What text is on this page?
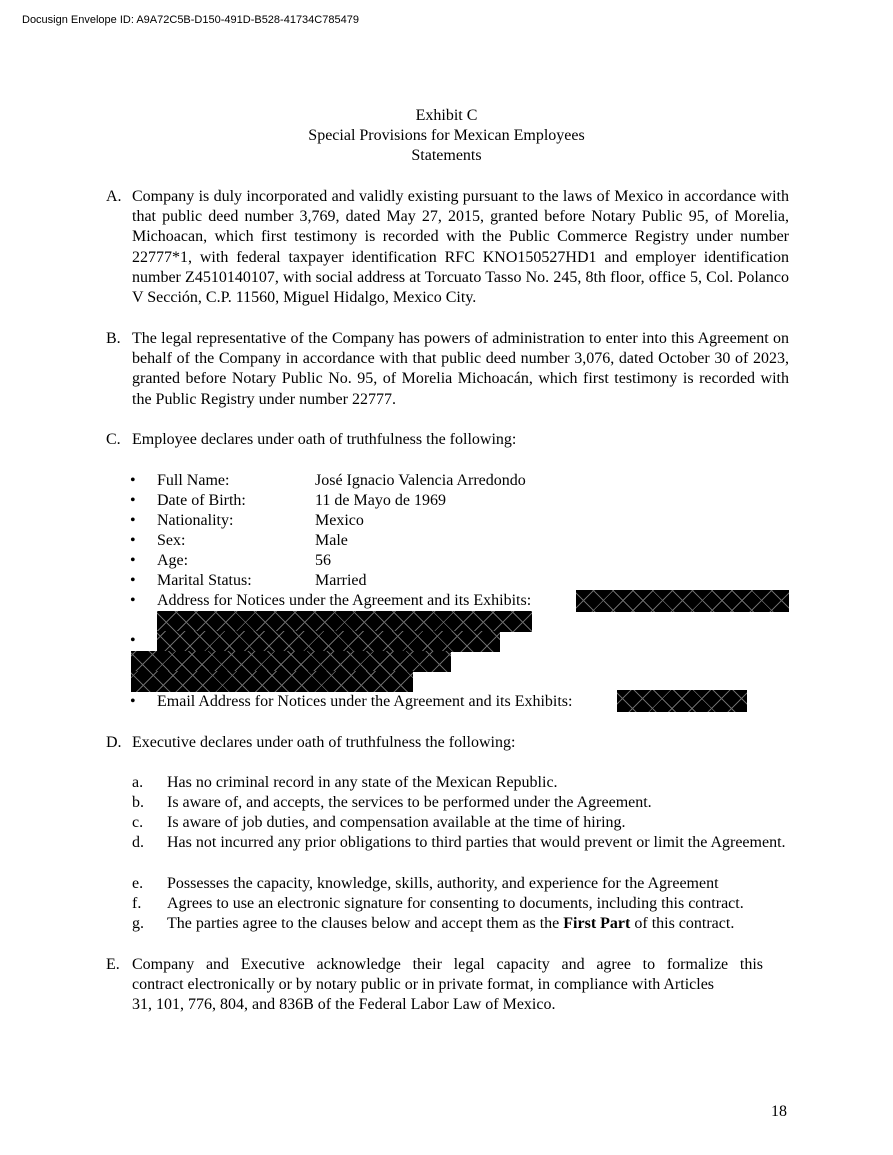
Docusign Envelope ID: A9A72C5B-D150-491D-B528-41734C785479
Exhibit C
Special Provisions for Mexican Employees
Statements
A. Company is duly incorporated and validly existing pursuant to the laws of Mexico in accordance with that public deed number 3,769, dated May 27, 2015, granted before Notary Public 95, of Morelia, Michoacan, which first testimony is recorded with the Public Commerce Registry under number 22777*1, with federal taxpayer identification RFC KNO150527HD1 and employer identification number Z4510140107, with social address at Torcuato Tasso No. 245, 8th floor, office 5, Col. Polanco V Sección, C.P. 11560, Miguel Hidalgo, Mexico City.
B. The legal representative of the Company has powers of administration to enter into this Agreement on behalf of the Company in accordance with that public deed number 3,076, dated October 30 of 2023, granted before Notary Public No. 95, of Morelia Michoacán, which first testimony is recorded with the Public Registry under number 22777.
C. Employee declares under oath of truthfulness the following:
• Full Name:	José Ignacio Valencia Arredondo
• Date of Birth:	11 de Mayo de 1969
• Nationality:	Mexico
• Sex:	Male
• Age:	56
• Marital Status:	Married
• Address for Notices under the Agreement and its Exhibits:
•
• Email Address for Notices under the Agreement and its Exhibits:
D. Executive declares under oath of truthfulness the following:
a. Has no criminal record in any state of the Mexican Republic.
b. Is aware of, and accepts, the services to be performed under the Agreement.
c. Is aware of job duties, and compensation available at the time of hiring.
d. Has not incurred any prior obligations to third parties that would prevent or limit the Agreement.
e. Possesses the capacity, knowledge, skills, authority, and experience for the Agreement
f. Agrees to use an electronic signature for consenting to documents, including this contract.
g. The parties agree to the clauses below and accept them as the First Part of this contract.
E. Company and Executive acknowledge their legal capacity and agree to formalize this
contract electronically or by notary public or in private format, in compliance with Articles
31, 101, 776, 804, and 836B of the Federal Labor Law of Mexico.
18
